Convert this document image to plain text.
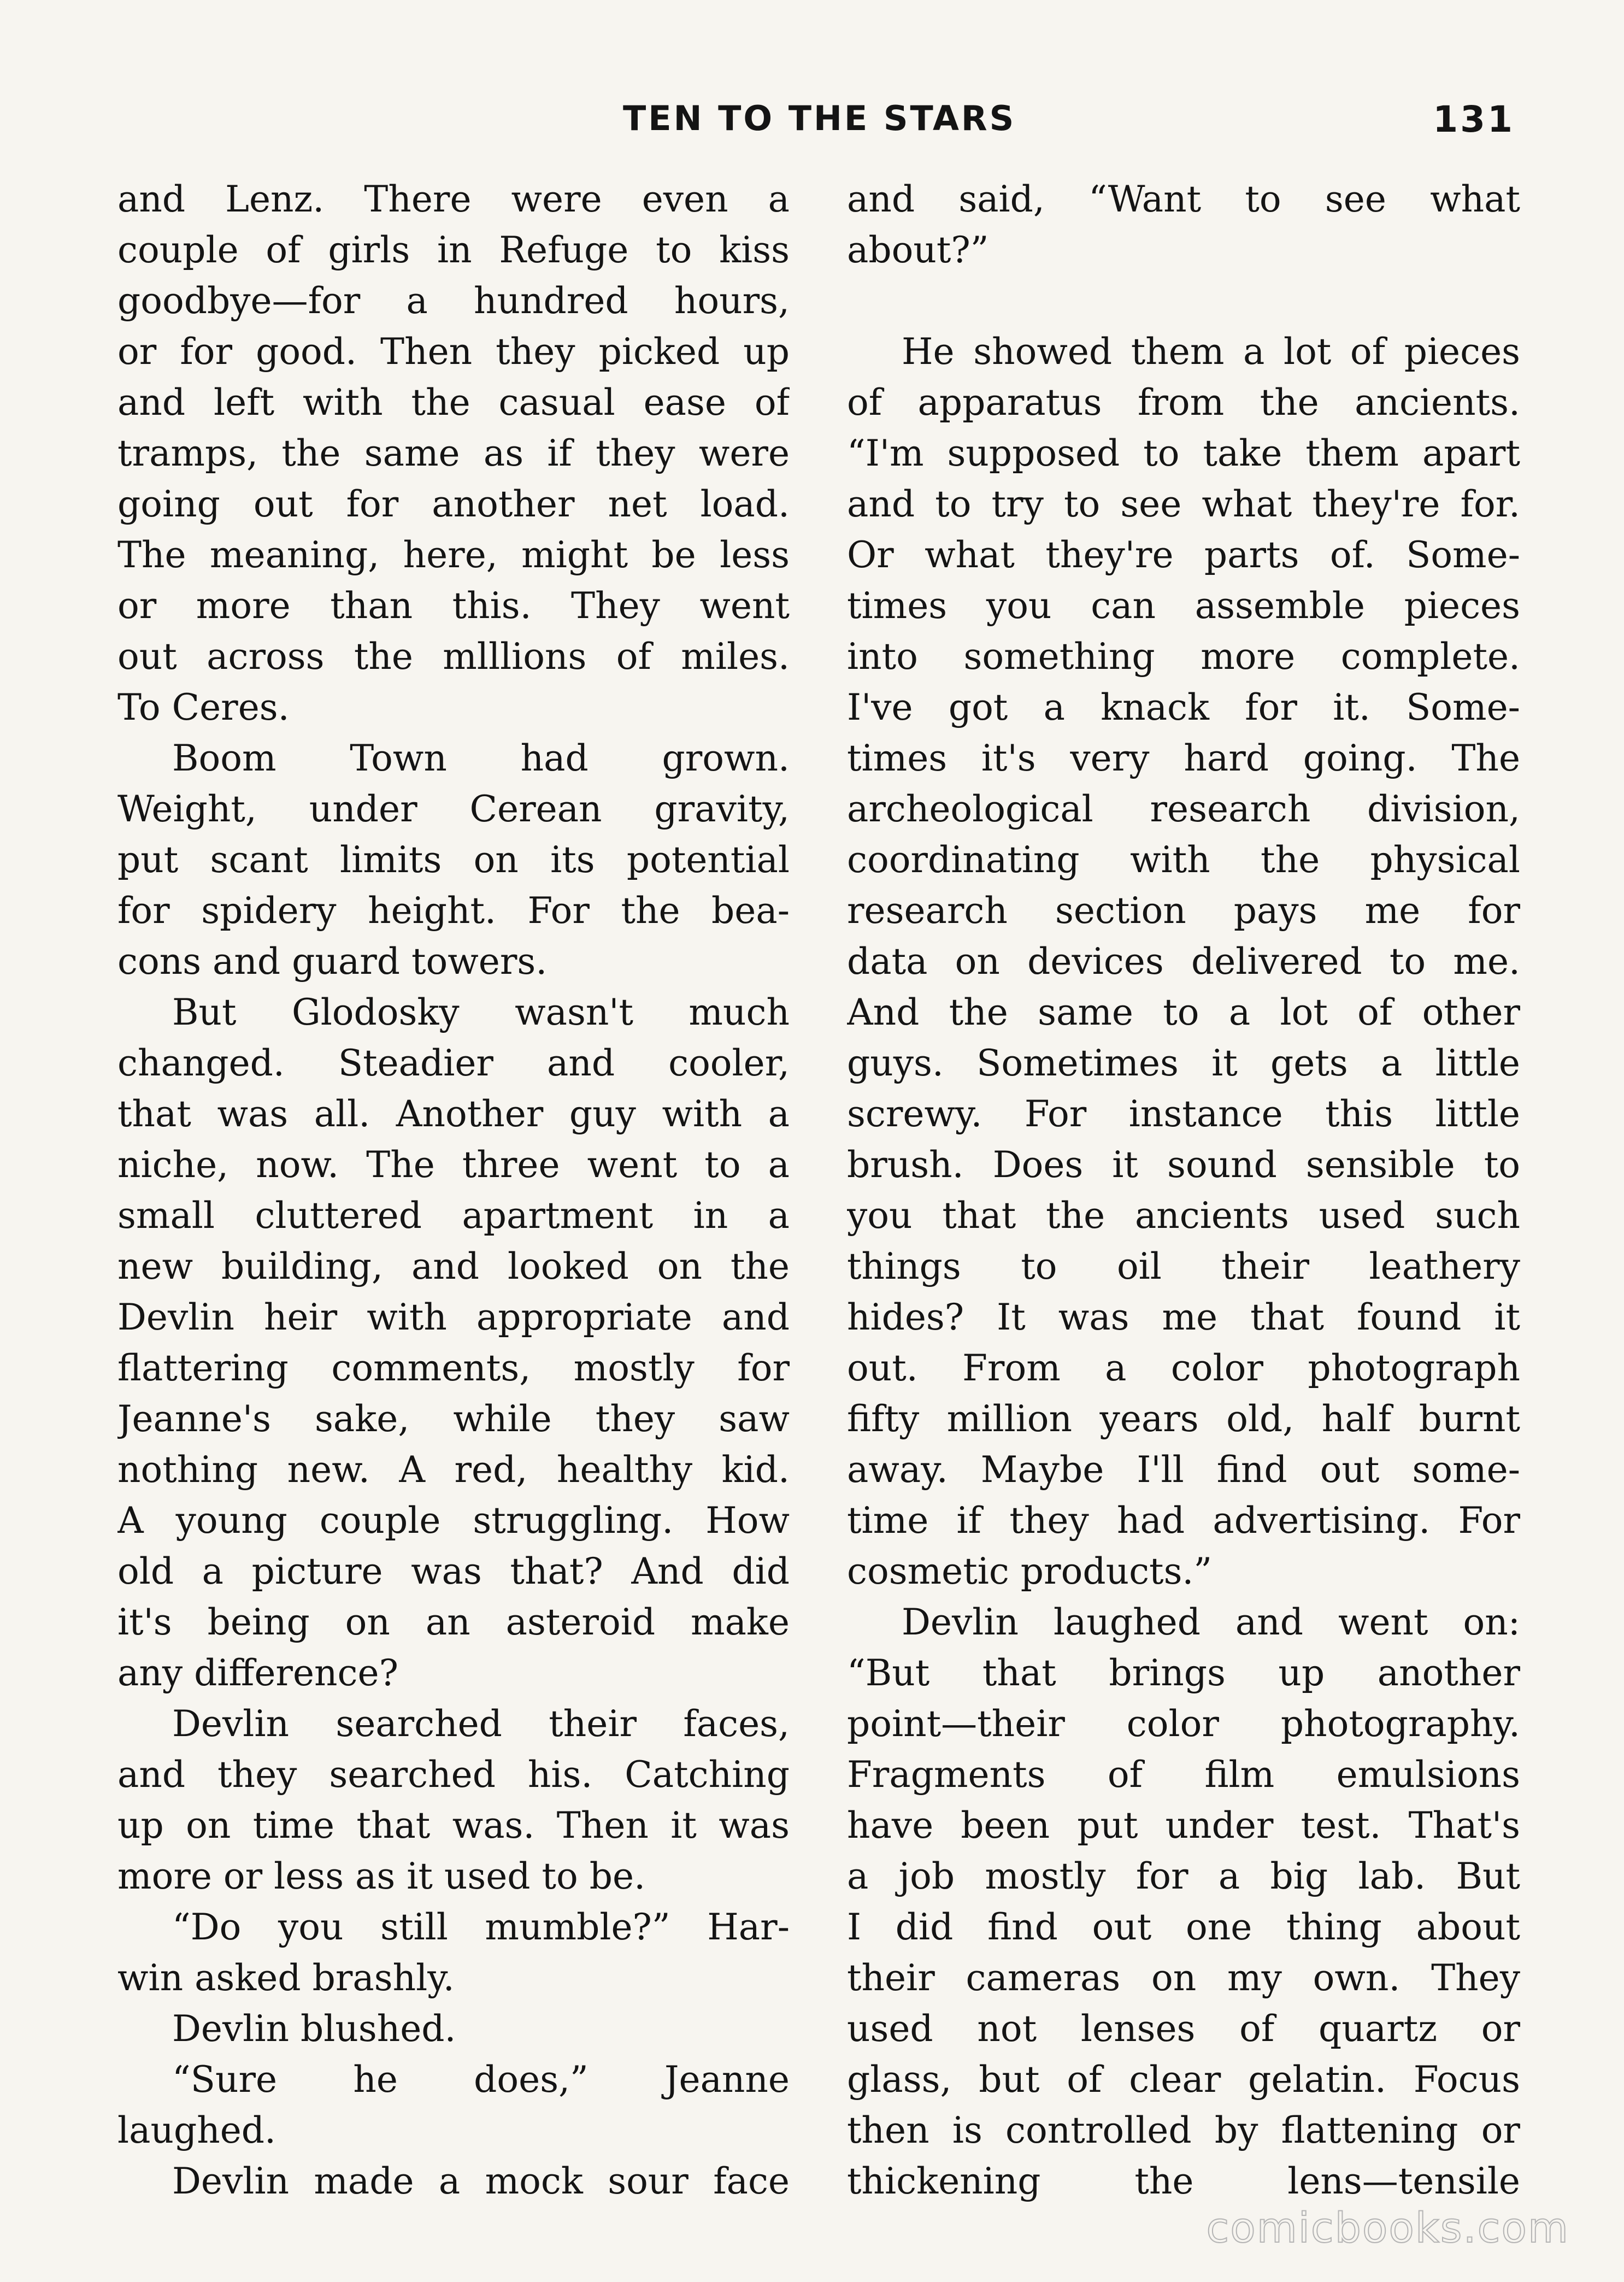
TEN TO THE STARS	131
and Lenz. There were even a
couple of girls in Refuge to kiss
goodbye—for a hundred hours,
or for good. Then they picked up
and left with the casual ease of
tramps, the same as if they were
going out for another net load.
The meaning, here, might be less
or more than this. They went
out across the mlllions of miles.
To Ceres.
Boom Town had grown.
Weight, under Cerean gravity,
put scant limits on its potential
for spidery height. For the bea-
cons and guard towers.
But Glodosky wasn't much
changed. Steadier and cooler,
that was all. Another guy with a
niche, now. The three went to a
small cluttered apartment in a
new building, and looked on the
Devlin heir with appropriate and
flattering comments, mostly for
Jeanne's sake, while they saw
nothing new. A red, healthy kid.
A young couple struggling. How
old a picture was that? And did
it's being on an asteroid make
any difference?
Devlin searched their faces,
and they searched his. Catching
up on time that was. Then it was
more or less as it used to be.
“Do you still mumble?” Har-
win asked brashly.
Devlin blushed.
“Sure he does,” Jeanne
laughed.
Devlin made a mock sour face
and said, “Want to see what
about?”
He showed them a lot of pieces
of apparatus from the ancients.
“I'm supposed to take them apart
and to try to see what they're for.
Or what they're parts of. Some-
times you can assemble pieces
into something more complete.
I've got a knack for it. Some-
times it's very hard going. The
archeological research division,
coordinating with the physical
research section pays me for
data on devices delivered to me.
And the same to a lot of other
guys. Sometimes it gets a little
screwy. For instance this little
brush. Does it sound sensible to
you that the ancients used such
things to oil their leathery
hides? It was me that found it
out. From a color photograph
fifty million years old, half burnt
away. Maybe I'll find out some-
time if they had advertising. For
cosmetic products.”
Devlin laughed and went on:
“But that brings up another
point—their color photography.
Fragments of film emulsions
have been put under test. That's
a job mostly for a big lab. But
I did find out one thing about
their cameras on my own. They
used not lenses of quartz or
glass, but of clear gelatin. Focus
then is controlled by flattening or
thickening the lens—tensile
comicbooks.com
